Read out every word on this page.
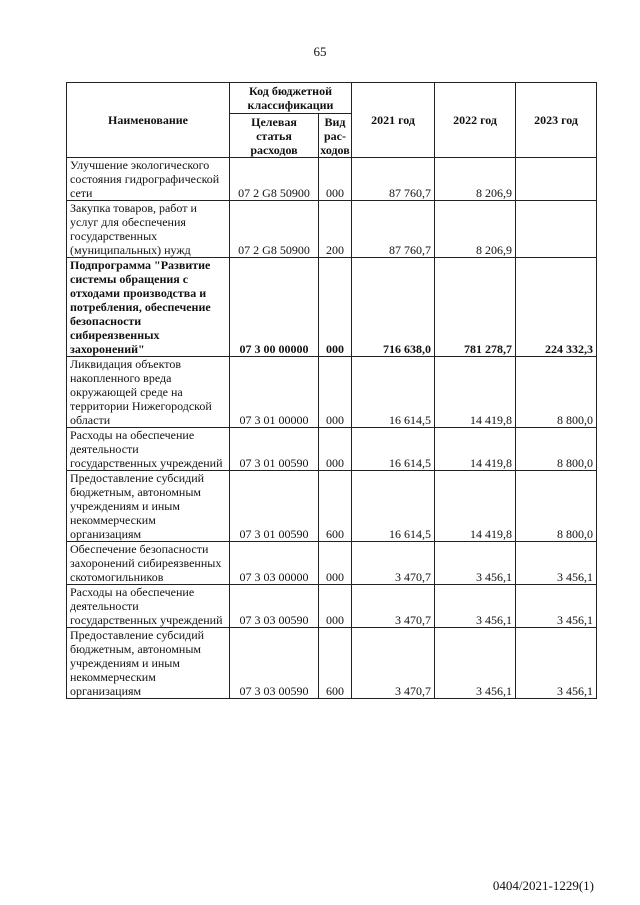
65
Наименование	Код бюджетной классификации		2021 год	2022 год	2023 год
	Целевая статья расходов	Вид рас-ходов			
Улучшение экологического состояния гидрографической сети	07 2 G8 50900	000	87 760,7	8 206,9	
Закупка товаров, работ и услуг для обеспечения государственных (муниципальных) нужд	07 2 G8 50900	200	87 760,7	8 206,9	
Подпрограмма "Развитие системы обращения с отходами производства и потребления, обеспечение безопасности сибиреязвенных захоронений"	07 3 00 00000	000	716 638,0	781 278,7	224 332,3
Ликвидация объектов накопленного вреда окружающей среде на территории Нижегородской области	07 3 01 00000	000	16 614,5	14 419,8	8 800,0
Расходы на обеспечение деятельности государственных учреждений	07 3 01 00590	000	16 614,5	14 419,8	8 800,0
Предоставление субсидий бюджетным, автономным учреждениям и иным некоммерческим организациям	07 3 01 00590	600	16 614,5	14 419,8	8 800,0
Обеспечение безопасности захоронений сибиреязвенных скотомогильников	07 3 03 00000	000	3 470,7	3 456,1	3 456,1
Расходы на обеспечение деятельности государственных учреждений	07 3 03 00590	000	3 470,7	3 456,1	3 456,1
Предоставление субсидий бюджетным, автономным учреждениям и иным некоммерческим организациям	07 3 03 00590	600	3 470,7	3 456,1	3 456,1
0404/2021-1229(1)
